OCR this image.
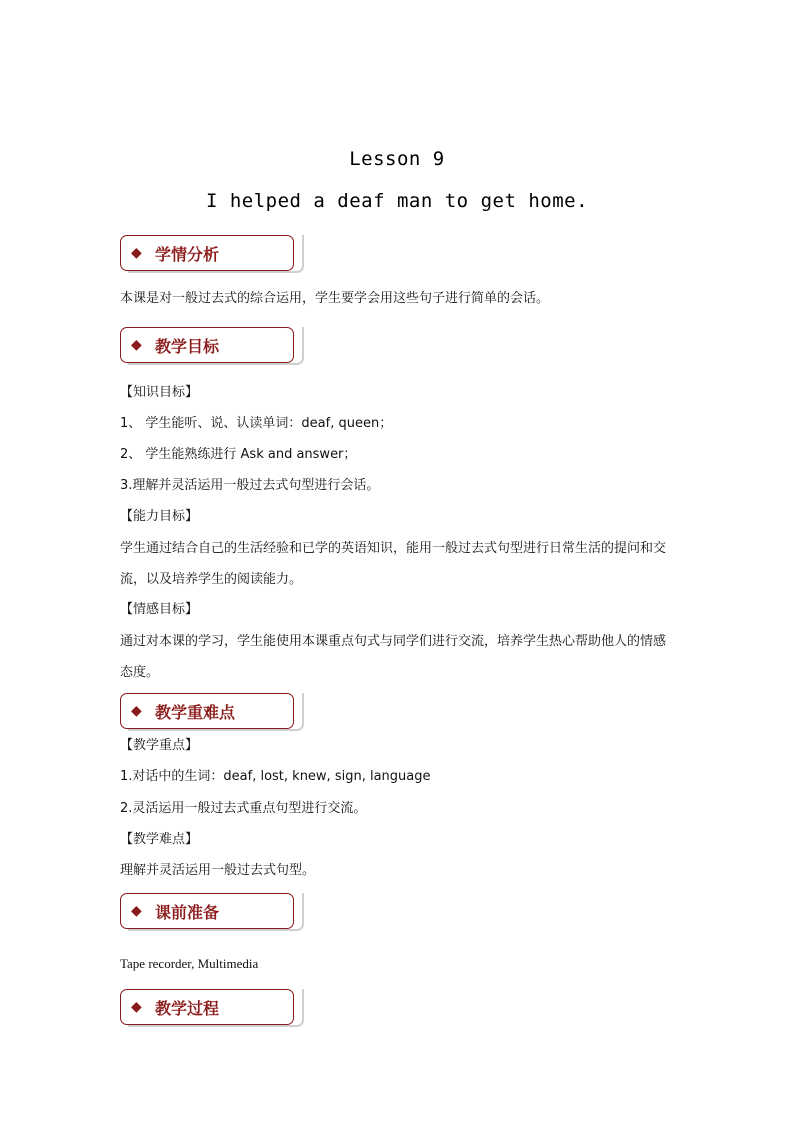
Lesson 9
I helped a deaf man to get home.
◆ 学情分析
本课是对一般过去式的综合运用，学生要学会用这些句子进行简单的会话。
◆ 教学目标
【知识目标】
1、 学生能听、说、认读单词：deaf, queen；
2、 学生能熟练进行 Ask and answer；
3.理解并灵活运用一般过去式句型进行会话。
【能力目标】
学生通过结合自己的生活经验和已学的英语知识，能用一般过去式句型进行日常生活的提问和交流，以及培养学生的阅读能力。
【情感目标】
通过对本课的学习，学生能使用本课重点句式与同学们进行交流，培养学生热心帮助他人的情感态度。
◆ 教学重难点
【教学重点】
1.对话中的生词：deaf, lost, knew, sign, language
2.灵活运用一般过去式重点句型进行交流。
【教学难点】
理解并灵活运用一般过去式句型。
◆ 课前准备
Tape recorder, Multimedia
◆ 教学过程
